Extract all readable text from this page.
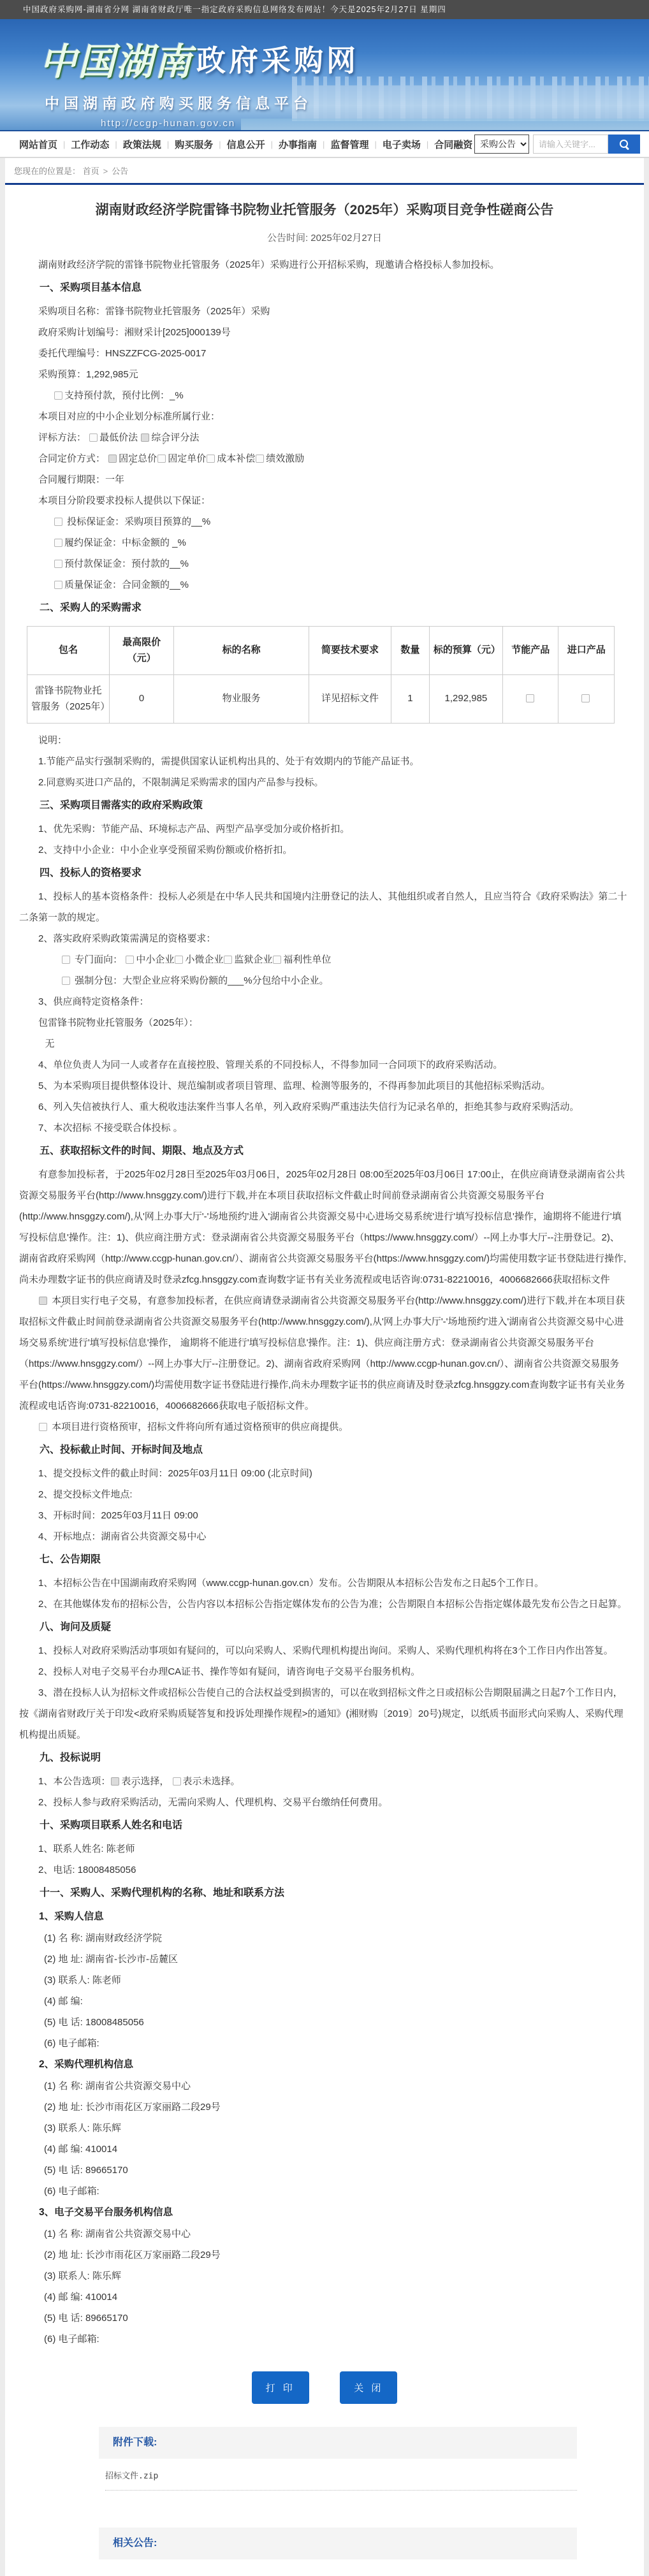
中国政府采购网-湖南省分网 湖南省财政厅唯一指定政府采购信息网络发布网站！今天是2025年2月27日 星期四
中国湖南 政府采购网
中国湖南政府购买服务信息平台
http://ccgp-hunan.gov.cn
网站首页 | 工作动态 | 政策法规 | 购买服务 | 信息公开 | 办事指南 | 监督管理 | 电子卖场 | 合同融资
采购公告
请输入关键字...
您现在的位置是： 首页 > 公告
湖南财政经济学院雷锋书院物业托管服务（2025年）采购项目竞争性磋商公告
公告时间: 2025年02月27日
湖南财政经济学院的雷锋书院物业托管服务（2025年）采购进行公开招标采购，现邀请合格投标人参加投标。
一、采购项目基本信息
采购项目名称：雷锋书院物业托管服务（2025年）采购
政府采购计划编号：湘财采计[2025]000139号
委托代理编号：HNSZZFCG-2025-0017
采购预算：1,292,985元
支持预付款，预付比例：_%
本项目对应的中小企业划分标准所属行业：
评标方法： 最低价法 ✓综合评分法
合同定价方式： ✓固定总价 固定单价 成本补偿 绩效激励
合同履行期限：一年
本项目分阶段要求投标人提供以下保证：
投标保证金：采购项目预算的__%
履约保证金：中标金额的 _%
预付款保证金：预付款的__%
质量保证金：合同金额的__%
二、采购人的采购需求
包名	最高限价（元）	标的名称	简要技术要求	数量	标的预算（元）	节能产品	进口产品
雷锋书院物业托管服务（2025年）	0	物业服务	详见招标文件	1	1,292,985		
说明：
1.节能产品实行强制采购的，需提供国家认证机构出具的、处于有效期内的节能产品证书。
2.同意购买进口产品的，不限制满足采购需求的国内产品参与投标。
三、采购项目需落实的政府采购政策
1、优先采购：节能产品、环境标志产品、两型产品享受加分或价格折扣。
2、支持中小企业：中小企业享受预留采购份额或价格折扣。
四、投标人的资格要求
1、投标人的基本资格条件：投标人必须是在中华人民共和国境内注册登记的法人、其他组织或者自然人，且应当符合《政府采购法》第二十二条第一款的规定。
2、落实政府采购政策需满足的资格要求：
专门面向： 中小企业 小微企业 监狱企业 福利性单位
强制分包：大型企业应将采购份额的___%分包给中小企业。
3、供应商特定资格条件：
包雷锋书院物业托管服务（2025年）：
无
4、单位负责人为同一人或者存在直接控股、管理关系的不同投标人，不得参加同一合同项下的政府采购活动。
5、为本采购项目提供整体设计、规范编制或者项目管理、监理、检测等服务的，不得再参加此项目的其他招标采购活动。
6、列入失信被执行人、重大税收违法案件当事人名单，列入政府采购严重违法失信行为记录名单的，拒绝其参与政府采购活动。
7、本次招标 不接受联合体投标 。
五、获取招标文件的时间、期限、地点及方式
有意参加投标者，于2025年02月28日至2025年03月06日，2025年02月28日 08:00至2025年03月06日 17:00止，在供应商请登录湖南省公共资源交易服务平台(http://www.hnsggzy.com/)进行下载,并在本项目获取招标文件截止时间前登录湖南省公共资源交易服务平台(http://www.hnsggzy.com/),从'网上办事大厅'-'场地预约'进入'湖南省公共资源交易中心进场交易系统'进行'填写投标信息'操作，逾期将不能进行'填写投标信息'操作。注：1)、供应商注册方式：登录湖南省公共资源交易服务平台（https://www.hnsggzy.com/）--网上办事大厅--注册登记。2)、湖南省政府采购网（http://www.ccgp-hunan.gov.cn/）、湖南省公共资源交易服务平台(https://www.hnsggzy.com/)均需使用数字证书登陆进行操作,尚未办理数字证书的供应商请及时登录zfcg.hnsggzy.com查询数字证书有关业务流程或电话咨询:0731-82210016，4006682666获取招标文件
✓ 本项目实行电子交易，有意参加投标者，在供应商请登录湖南省公共资源交易服务平台(http://www.hnsggzy.com/)进行下载,并在本项目获取招标文件截止时间前登录湖南省公共资源交易服务平台(http://www.hnsggzy.com/),从'网上办事大厅'-'场地预约'进入'湖南省公共资源交易中心进场交易系统'进行'填写投标信息'操作， 逾期将不能进行'填写投标信息'操作。注：1)、供应商注册方式：登录湖南省公共资源交易服务平台（https://www.hnsggzy.com/）--网上办事大厅--注册登记。2)、湖南省政府采购网（http://www.ccgp-hunan.gov.cn/）、湖南省公共资源交易服务平台(https://www.hnsggzy.com/)均需使用数字证书登陆进行操作,尚未办理数字证书的供应商请及时登录zfcg.hnsggzy.com查询数字证书有关业务流程或电话咨询:0731-82210016，4006682666获取电子版招标文件。
本项目进行资格预审，招标文件将向所有通过资格预审的供应商提供。
六、投标截止时间、开标时间及地点
1、提交投标文件的截止时间：2025年03月11日 09:00 (北京时间)
2、提交投标文件地点:
3、开标时间：2025年03月11日 09:00
4、开标地点：湖南省公共资源交易中心
七、公告期限
1、本招标公告在中国湖南政府采购网（www.ccgp-hunan.gov.cn）发布。公告期限从本招标公告发布之日起5个工作日。
2、在其他媒体发布的招标公告，公告内容以本招标公告指定媒体发布的公告为准；公告期限自本招标公告指定媒体最先发布公告之日起算。
八、询问及质疑
1、投标人对政府采购活动事项如有疑问的，可以向采购人、采购代理机构提出询问。采购人、采购代理机构将在3个工作日内作出答复。
2、投标人对电子交易平台办理CA证书、操作等如有疑问，请咨询电子交易平台服务机构。
3、潜在投标人认为招标文件或招标公告使自己的合法权益受到损害的，可以在收到招标文件之日或招标公告期限届满之日起7个工作日内，按《湖南省财政厅关于印发<政府采购质疑答复和投诉处理操作规程>的通知》(湘财购〔2019〕20号)规定，以纸质书面形式向采购人、采购代理机构提出质疑。
九、投标说明
1、本公告选项： ✓ 表示选择， 表示未选择。
2、投标人参与政府采购活动，无需向采购人、代理机构、交易平台缴纳任何费用。
十、采购项目联系人姓名和电话
1、联系人姓名: 陈老师
2、电话: 18008485056
十一、采购人、采购代理机构的名称、地址和联系方法
1、采购人信息
(1) 名 称: 湖南财政经济学院
(2) 地 址: 湖南省-长沙市-岳麓区
(3) 联系人: 陈老师
(4) 邮 编:
(5) 电 话: 18008485056
(6) 电子邮箱:
2、采购代理机构信息
(1) 名 称: 湖南省公共资源交易中心
(2) 地 址: 长沙市雨花区万家丽路二段29号
(3) 联系人: 陈乐辉
(4) 邮 编: 410014
(5) 电 话: 89665170
(6) 电子邮箱:
3、电子交易平台服务机构信息
(1) 名 称: 湖南省公共资源交易中心
(2) 地 址: 长沙市雨花区万家丽路二段29号
(3) 联系人: 陈乐辉
(4) 邮 编: 410014
(5) 电 话: 89665170
(6) 电子邮箱:
打 印	关 闭
附件下载:
招标文件.zip
相关公告:
